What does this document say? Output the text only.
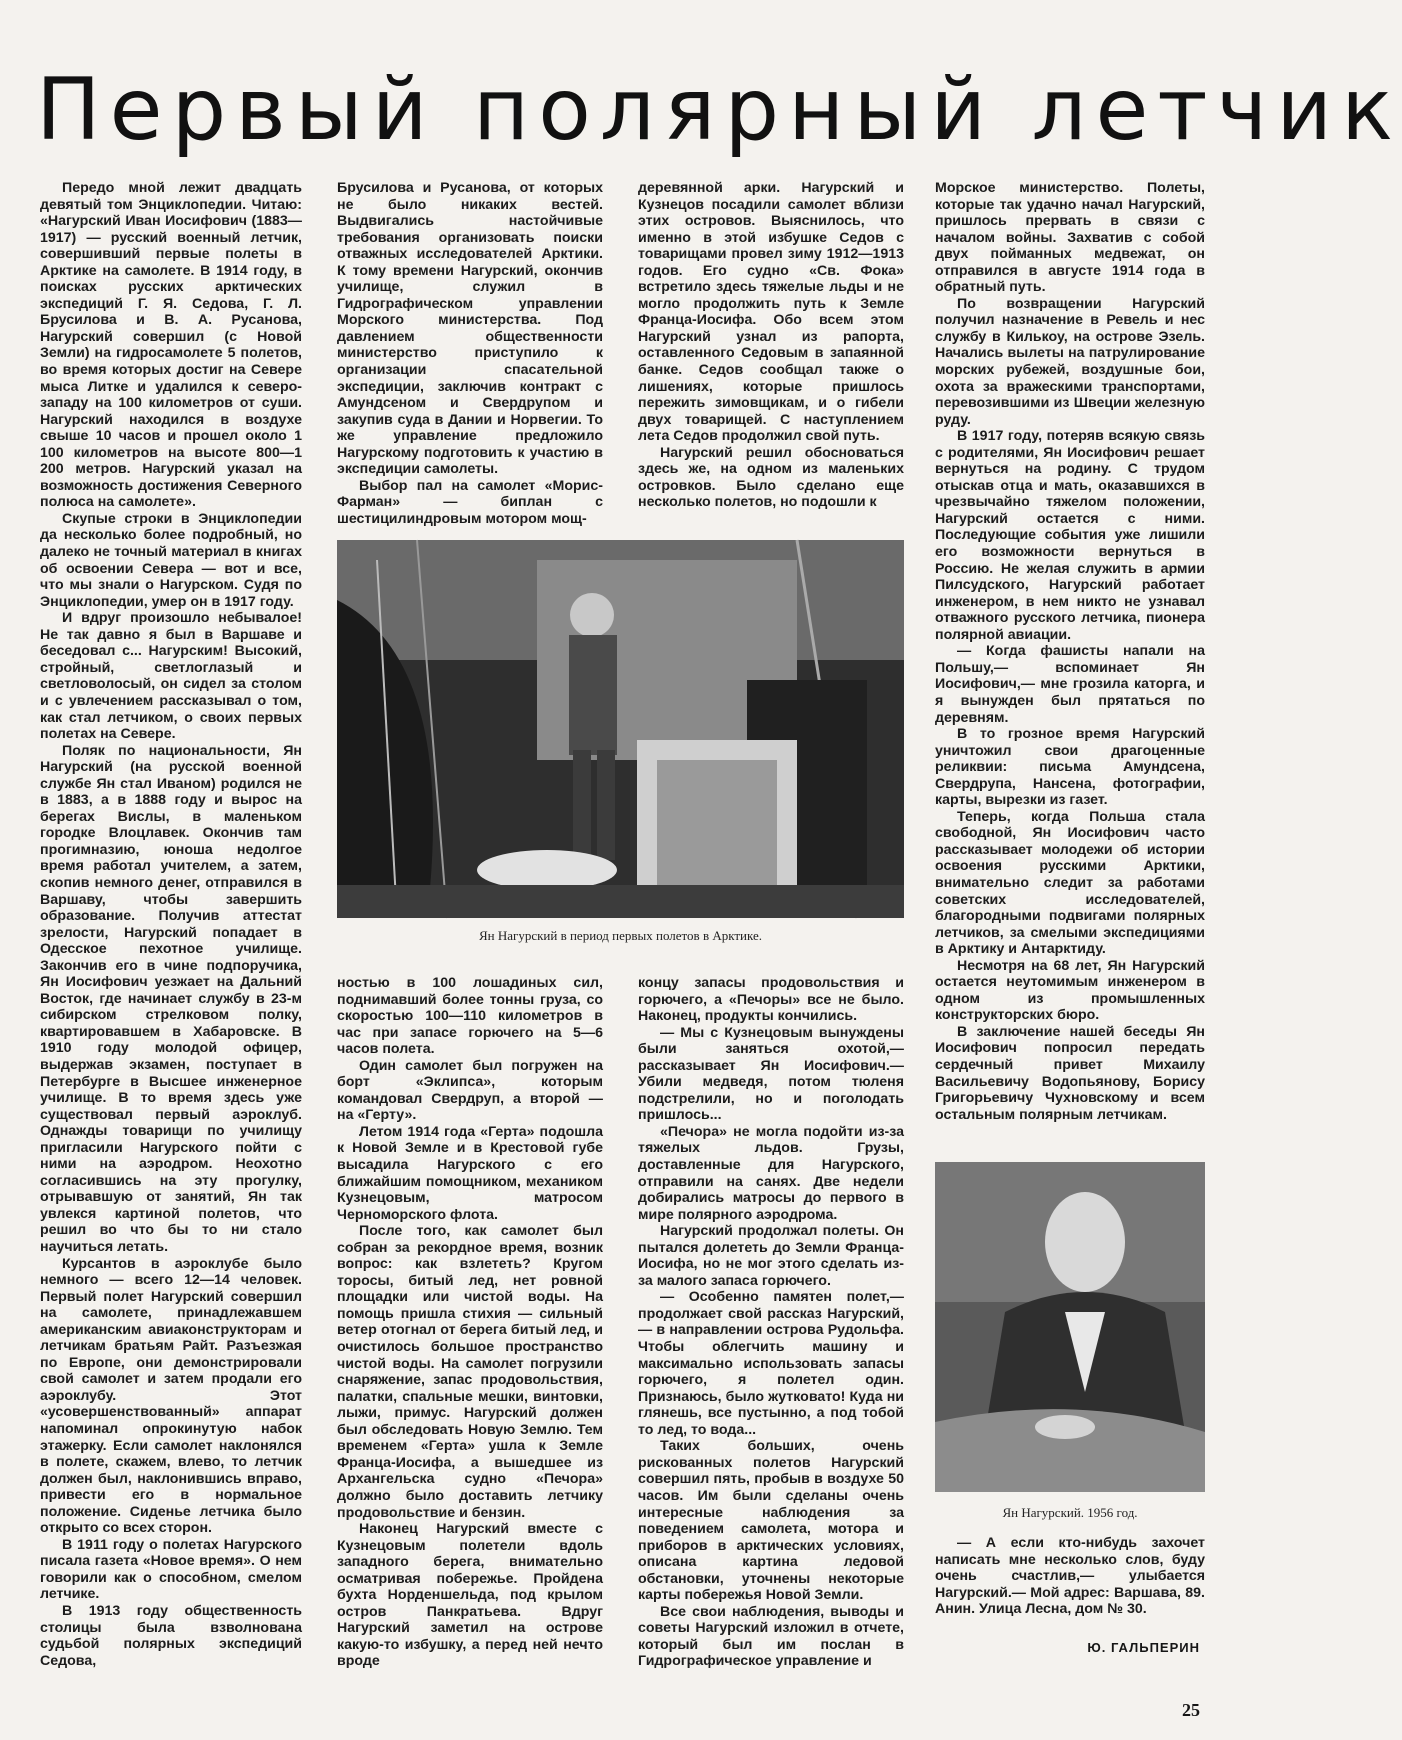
Первый полярный летчик

Передо мной лежит двадцать девятый том Энциклопедии. Читаю: «Нагурский Иван Иосифович (1883—1917) — русский военный летчик, совершивший первые полеты в Арктике на самолете. В 1914 году, в поисках русских арктических экспедиций Г. Я. Седова, Г. Л. Брусилова и В. А. Русанова, Нагурский совершил (с Новой Земли) на гидросамолете 5 полетов, во время которых достиг на Севере мыса Литке и удалился к северо-западу на 100 километров от суши. Нагурский находился в воздухе свыше 10 часов и прошел около 1 100 километров на высоте 800—1 200 метров. Нагурский указал на возможность достижения Северного полюса на самолете».

Скупые строки в Энциклопедии да несколько более подробный, но далеко не точный материал в книгах об освоении Севера — вот и все, что мы знали о Нагурском. Судя по Энциклопедии, умер он в 1917 году.

И вдруг произошло небывалое! Не так давно я был в Варшаве и беседовал с... Нагурским! Высокий, стройный, светлоглазый и светловолосый, он сидел за столом и с увлечением рассказывал о том, как стал летчиком, о своих первых полетах на Севере.

Поляк по национальности, Ян Нагурский (на русской военной службе Ян стал Иваном) родился не в 1883, а в 1888 году и вырос на берегах Вислы, в маленьком городке Влоцлавек. Окончив там прогимназию, юноша недолгое время работал учителем, а затем, скопив немного денег, отправился в Варшаву, чтобы завершить образование. Получив аттестат зрелости, Нагурский попадает в Одесское пехотное училище. Закончив его в чине подпоручика, Ян Иосифович уезжает на Дальний Восток, где начинает службу в 23-м сибирском стрелковом полку, квартировавшем в Хабаровске. В 1910 году молодой офицер, выдержав экзамен, поступает в Петербурге в Высшее инженерное училище. В то время здесь уже существовал первый аэроклуб. Однажды товарищи по училищу пригласили Нагурского пойти с ними на аэродром. Неохотно согласившись на эту прогулку, отрывавшую от занятий, Ян так увлекся картиной полетов, что решил во что бы то ни стало научиться летать.

Курсантов в аэроклубе было немного — всего 12—14 человек. Первый полет Нагурский совершил на самолете, принадлежавшем американским авиаконструкторам и летчикам братьям Райт. Разъезжая по Европе, они демонстрировали свой самолет и затем продали его аэроклубу. Этот «усовершенствованный» аппарат напоминал опрокинутую набок этажерку. Если самолет наклонялся в полете, скажем, влево, то летчик должен был, наклонившись вправо, привести его в нормальное положение. Сиденье летчика было открыто со всех сторон.

В 1911 году о полетах Нагурского писала газета «Новое время». О нем говорили как о способном, смелом летчике.

В 1913 году общественность столицы была взволнована судьбой полярных экспедиций Седова,

Брусилова и Русанова, от которых не было никаких вестей. Выдвигались настойчивые требования организовать поиски отважных исследователей Арктики. К тому времени Нагурский, окончив училище, служил в Гидрографическом управлении Морского министерства. Под давлением общественности министерство приступило к организации спасательной экспедиции, заключив контракт с Амундсеном и Свердрупом и закупив суда в Дании и Норвегии. То же управление предложило Нагурскому подготовить к участию в экспедиции самолеты.

Выбор пал на самолет «Морис-Фарман» — биплан с шестицилиндровым мотором мощ-

деревянной арки. Нагурский и Кузнецов посадили самолет вблизи этих островов. Выяснилось, что именно в этой избушке Седов с товарищами провел зиму 1912—1913 годов. Его судно «Св. Фока» встретило здесь тяжелые льды и не могло продолжить путь к Земле Франца-Иосифа. Обо всем этом Нагурский узнал из рапорта, оставленного Седовым в запаянной банке. Седов сообщал также о лишениях, которые пришлось пережить зимовщикам, и о гибели двух товарищей. С наступлением лета Седов продолжил свой путь.

Нагурский решил обосноваться здесь же, на одном из маленьких островков. Было сделано еще несколько полетов, но подошли к

Морское министерство. Полеты, которые так удачно начал Нагурский, пришлось прервать в связи с началом войны. Захватив с собой двух пойманных медвежат, он отправился в августе 1914 года в обратный путь.

По возвращении Нагурский получил назначение в Ревель и нес службу в Килькоу, на острове Эзель. Начались вылеты на патрулирование морских рубежей, воздушные бои, охота за вражескими транспортами, перевозившими из Швеции железную руду.

В 1917 году, потеряв всякую связь с родителями, Ян Иосифович решает вернуться на родину. С трудом отыскав отца и мать, оказавшихся в чрезвычайно тяжелом положении, Нагурский остается с ними. Последующие события уже лишили его возможности вернуться в Россию. Не желая служить в армии Пилсудского, Нагурский работает инженером, в нем никто не узнавал отважного русского летчика, пионера полярной авиации.

— Когда фашисты напали на Польшу,— вспоминает Ян Иосифович,— мне грозила каторга, и я вынужден был прятаться по деревням.

В то грозное время Нагурский уничтожил свои драгоценные реликвии: письма Амундсена, Свердрупа, Нансена, фотографии, карты, вырезки из газет.

Теперь, когда Польша стала свободной, Ян Иосифович часто рассказывает молодежи об истории освоения русскими Арктики, внимательно следит за работами советских исследователей, благородными подвигами полярных летчиков, за смелыми экспедициями в Арктику и Антарктиду.

Несмотря на 68 лет, Ян Нагурский остается неутомимым инженером в одном из промышленных конструкторских бюро.

В заключение нашей беседы Ян Иосифович попросил передать сердечный привет Михаилу Васильевичу Водопьянову, Борису Григорьевичу Чухновскому и всем остальным полярным летчикам.

Ян Нагурский в период первых полетов в Арктике.

ностью в 100 лошадиных сил, поднимавший более тонны груза, со скоростью 100—110 километров в час при запасе горючего на 5—6 часов полета.

Один самолет был погружен на борт «Эклипса», которым командовал Свердруп, а второй — на «Герту».

Летом 1914 года «Герта» подошла к Новой Земле и в Крестовой губе высадила Нагурского с его ближайшим помощником, механиком Кузнецовым, матросом Черноморского флота.

После того, как самолет был собран за рекордное время, возник вопрос: как взлететь? Кругом торосы, битый лед, нет ровной площадки или чистой воды. На помощь пришла стихия — сильный ветер отогнал от берега битый лед, и очистилось большое пространство чистой воды. На самолет погрузили снаряжение, запас продовольствия, палатки, спальные мешки, винтовки, лыжи, примус. Нагурский должен был обследовать Новую Землю. Тем временем «Герта» ушла к Земле Франца-Иосифа, а вышедшее из Архангельска судно «Печора» должно было доставить летчику продовольствие и бензин.

Наконец Нагурский вместе с Кузнецовым полетели вдоль западного берега, внимательно осматривая побережье. Пройдена бухта Норденшельда, под крылом остров Панкратьева. Вдруг Нагурский заметил на острове какую-то избушку, а перед ней нечто вроде

концу запасы продовольствия и горючего, а «Печоры» все не было. Наконец, продукты кончились.

— Мы с Кузнецовым вынуждены были заняться охотой,— рассказывает Ян Иосифович.— Убили медведя, потом тюленя подстрелили, но и поголодать пришлось...

«Печора» не могла подойти из-за тяжелых льдов. Грузы, доставленные для Нагурского, отправили на санях. Две недели добирались матросы до первого в мире полярного аэродрома.

Нагурский продолжал полеты. Он пытался долететь до Земли Франца-Иосифа, но не мог этого сделать из-за малого запаса горючего.

— Особенно памятен полет,— продолжает свой рассказ Нагурский,— в направлении острова Рудольфа. Чтобы облегчить машину и максимально использовать запасы горючего, я полетел один. Признаюсь, было жутковато! Куда ни глянешь, все пустынно, а под тобой то лед, то вода...

Таких больших, очень рискованных полетов Нагурский совершил пять, пробыв в воздухе 50 часов. Им были сделаны очень интересные наблюдения за поведением самолета, мотора и приборов в арктических условиях, описана картина ледовой обстановки, уточнены некоторые карты побережья Новой Земли.

Все свои наблюдения, выводы и советы Нагурский изложил в отчете, который был им послан в Гидрографическое управление и

Ян Нагурский. 1956 год.

— А если кто-нибудь захочет написать мне несколько слов, буду очень счастлив,— улыбается Нагурский.— Мой адрес: Варшава, 89. Анин. Улица Лесна, дом № 30.

Ю. ГАЛЬПЕРИН
25
